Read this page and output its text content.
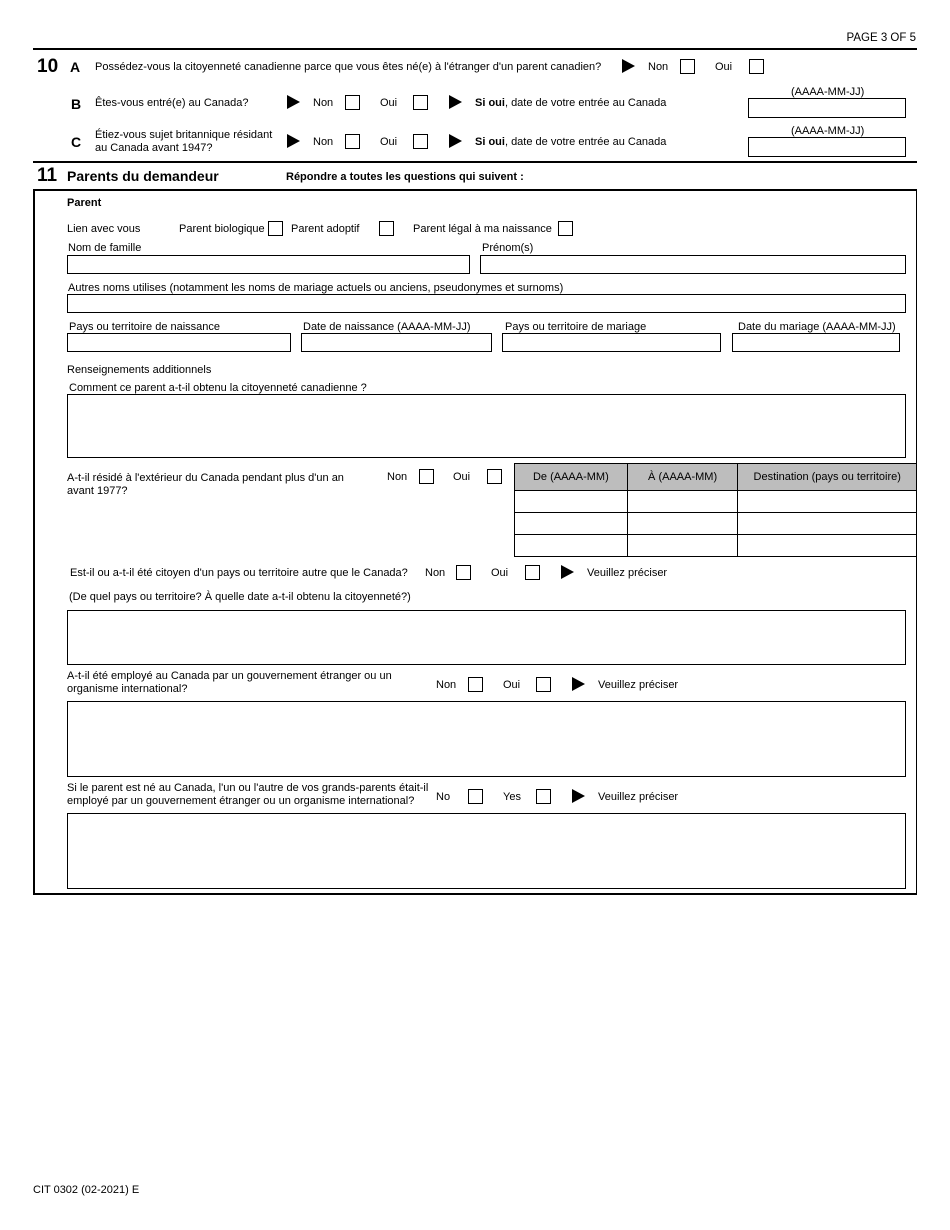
PAGE 3 OF 5
10 A Possédez-vous la citoyenneté canadienne parce que vous êtes né(e) à l'étranger d'un parent canadien?	Non	Oui
B Êtes-vous entré(e) au Canada?	Non	Oui	Si oui, date de votre entrée au Canada
(AAAA-MM-JJ)
C Étiez-vous sujet britannique résidant
au Canada avant 1947?	Non	Oui	Si oui, date de votre entrée au Canada
(AAAA-MM-JJ)
11 Parents du demandeur	Répondre a toutes les questions qui suivent :
Parent
Lien avec vous	Parent biologique Parent adoptif	Parent légal à ma naissance
Nom de famille	Prénom(s)
Autres noms utilises (notamment les noms de mariage actuels ou anciens, pseudonymes et surnoms)
Pays ou territoire de naissance	Date de naissance (AAAA-MM-JJ)	Pays ou territoire de mariage	Date du mariage (AAAA-MM-JJ)
Renseignements additionnels
Comment ce parent a-t-il obtenu la citoyenneté canadienne ?
A-t-il résidé à l'extérieur du Canada pendant plus d'un an
avant 1977?
Non	Oui	De (AAAA-MM)	À (AAAA-MM)	Destination (pays ou territoire)

Est-il ou a-t-il été citoyen d'un pays ou territoire autre que le Canada? Non	Oui	Veuillez préciser
(De quel pays ou territoire? À quelle date a-t-il obtenu la citoyenneté?)
A-t-il été employé au Canada par un gouvernement étranger ou un
organisme international?	Non	Oui	Veuillez préciser
Si le parent est né au Canada, l'un ou l'autre de vos grands-parents était-il
employé par un gouvernement étranger ou un organisme international?	No	Yes	Veuillez préciser
CIT 0302 (02-2021) E
